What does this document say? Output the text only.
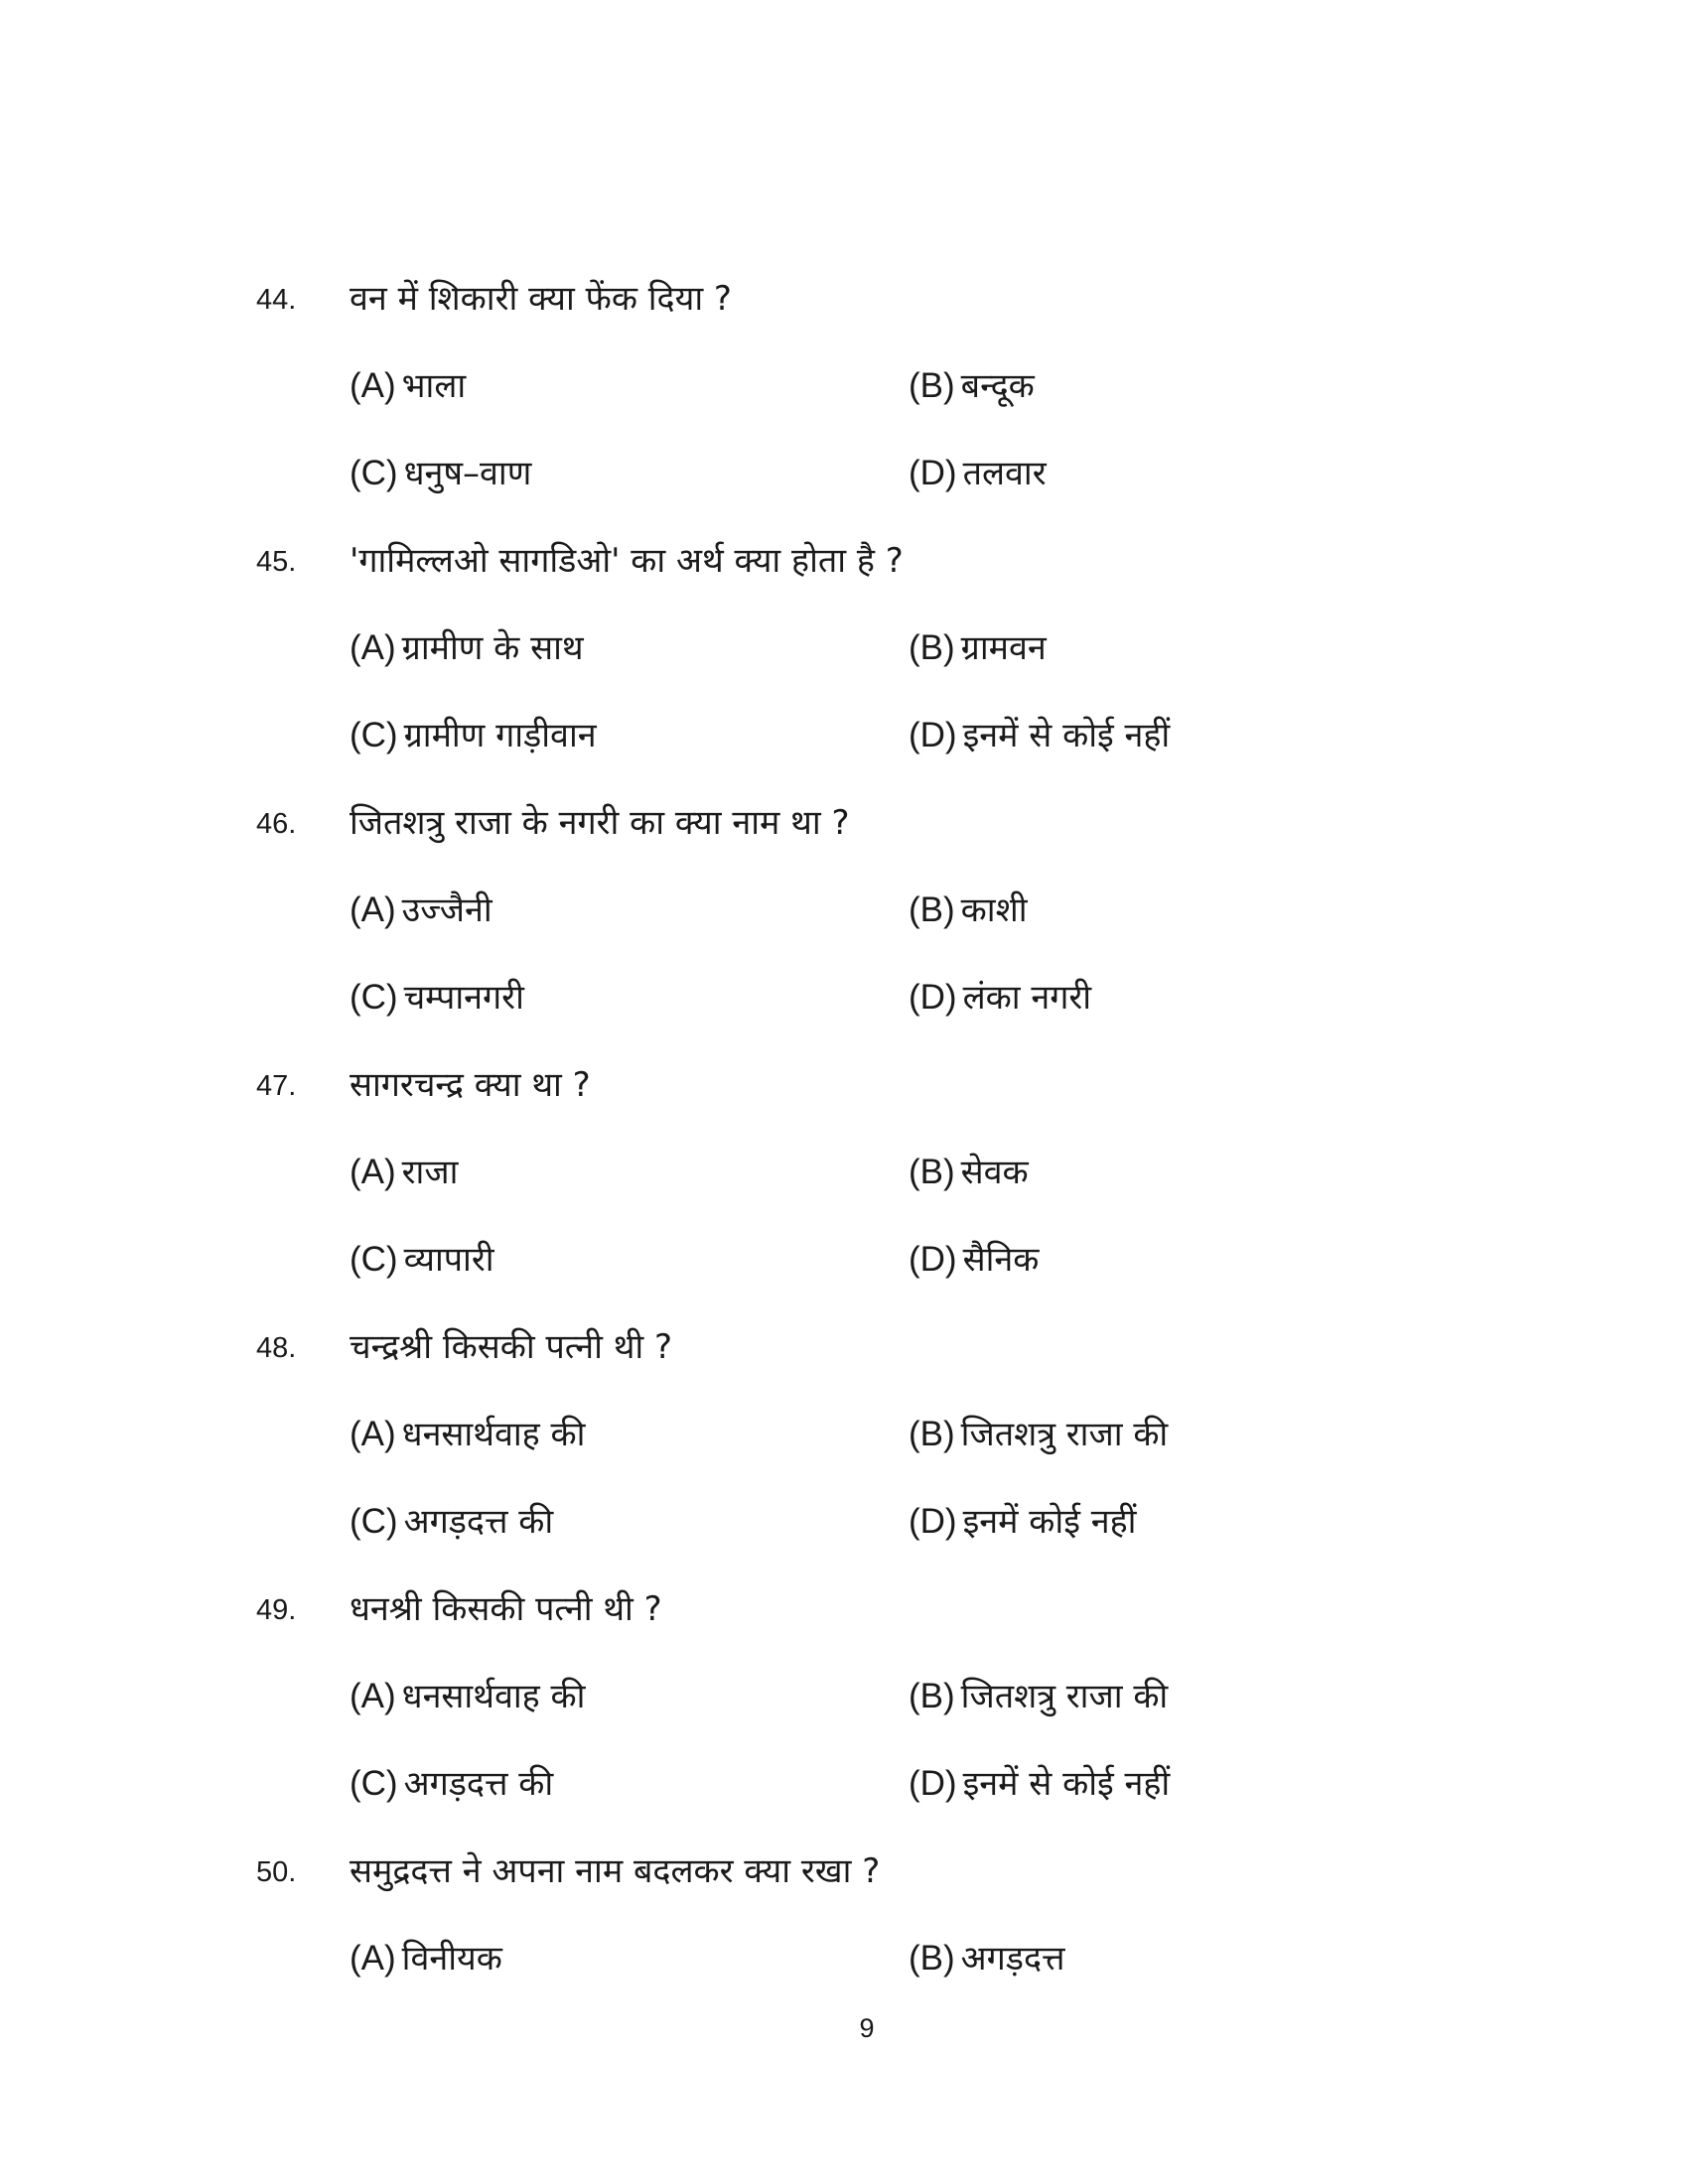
44. वन में शिकारी क्या फेंक दिया ?
(A) भाला	(B) बन्दूक
(C) धनुष–वाण	(D) तलवार
45. 'गामिल्लओ सागडिओ' का अर्थ क्या होता है ?
(A) ग्रामीण के साथ	(B) ग्रामवन
(C) ग्रामीण गाड़ीवान	(D) इनमें से कोई नहीं
46. जितशत्रु राजा के नगरी का क्या नाम था ?
(A) उज्जैनी	(B) काशी
(C) चम्पानगरी	(D) लंका नगरी
47. सागरचन्द्र क्या था ?
(A) राजा	(B) सेवक
(C) व्यापारी	(D) सैनिक
48. चन्द्रश्री किसकी पत्नी थी ?
(A) धनसार्थवाह की	(B) जितशत्रु राजा की
(C) अगड़दत्त की	(D) इनमें कोई नहीं
49. धनश्री किसकी पत्नी थी ?
(A) धनसार्थवाह की	(B) जितशत्रु राजा की
(C) अगड़दत्त की	(D) इनमें से कोई नहीं
50. समुद्रदत्त ने अपना नाम बदलकर क्या रखा ?
(A) विनीयक	(B) अगड़दत्त
9
